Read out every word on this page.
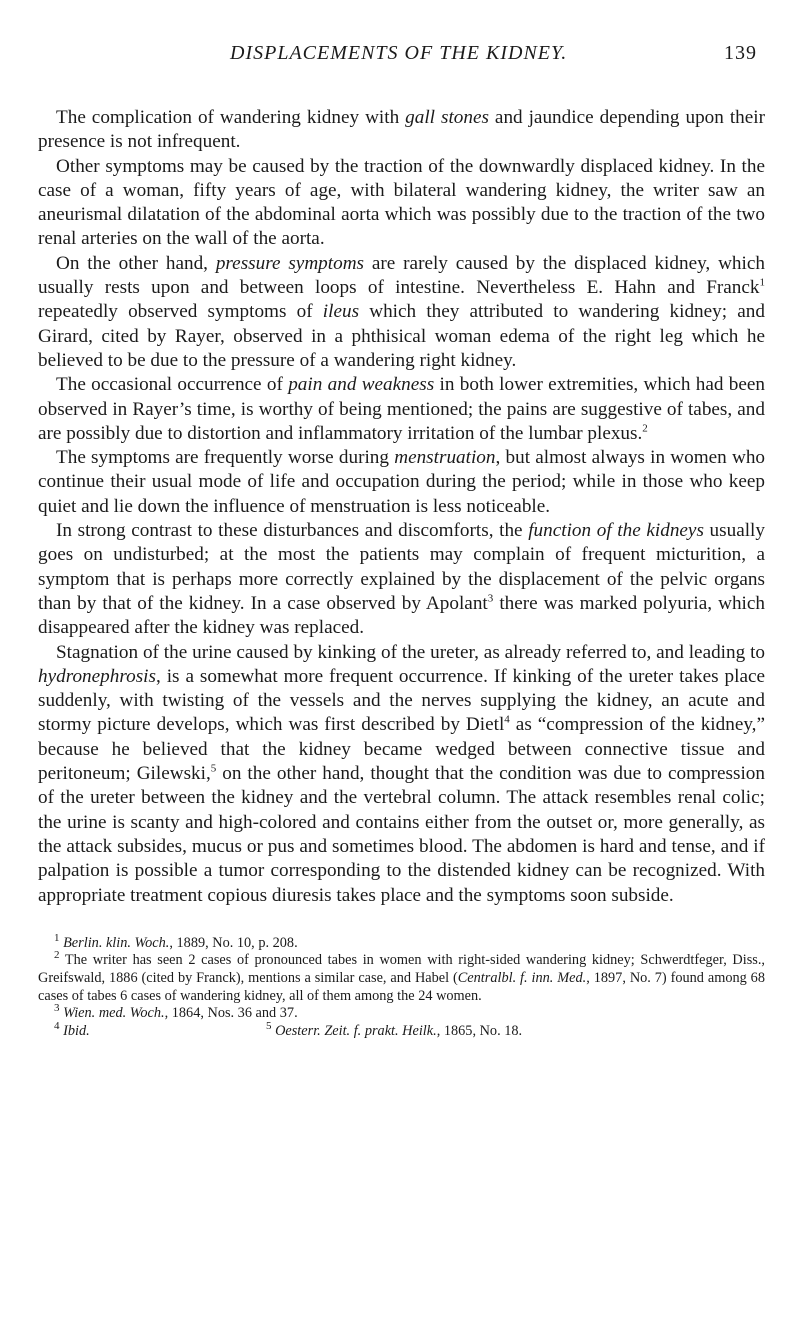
DISPLACEMENTS OF THE KIDNEY.	139

The complication of wandering kidney with gall stones and jaundice depending upon their presence is not infrequent.

Other symptoms may be caused by the traction of the downwardly displaced kidney. In the case of a woman, fifty years of age, with bilateral wandering kidney, the writer saw an aneurismal dilatation of the abdominal aorta which was possibly due to the traction of the two renal arteries on the wall of the aorta.

On the other hand, pressure symptoms are rarely caused by the displaced kidney, which usually rests upon and between loops of intestine. Nevertheless E. Hahn and Franck$^1$ repeatedly observed symptoms of ileus which they attributed to wandering kidney; and Girard, cited by Rayer, observed in a phthisical woman edema of the right leg which he believed to be due to the pressure of a wandering right kidney.

The occasional occurrence of pain and weakness in both lower extremities, which had been observed in Rayer’s time, is worthy of being mentioned; the pains are suggestive of tabes, and are possibly due to distortion and inflammatory irritation of the lumbar plexus.$^2$

The symptoms are frequently worse during menstruation, but almost always in women who continue their usual mode of life and occupation during the period; while in those who keep quiet and lie down the influence of menstruation is less noticeable.

In strong contrast to these disturbances and discomforts, the function of the kidneys usually goes on undisturbed; at the most the patients may complain of frequent micturition, a symptom that is perhaps more correctly explained by the displacement of the pelvic organs than by that of the kidney. In a case observed by Apolant$^3$ there was marked polyuria, which disappeared after the kidney was replaced.

Stagnation of the urine caused by kinking of the ureter, as already referred to, and leading to hydronephrosis, is a somewhat more frequent occurrence. If kinking of the ureter takes place suddenly, with twisting of the vessels and the nerves supplying the kidney, an acute and stormy picture develops, which was first described by Dietl$^4$ as “compression of the kidney,” because he believed that the kidney became wedged between connective tissue and peritoneum; Gilewski,$^5$ on the other hand, thought that the condition was due to compression of the ureter between the kidney and the vertebral column. The attack resembles renal colic; the urine is scanty and high-colored and contains either from the outset or, more generally, as the attack subsides, mucus or pus and sometimes blood. The abdomen is hard and tense, and if palpation is possible a tumor corresponding to the distended kidney can be recognized. With appropriate treatment copious diuresis takes place and the symptoms soon subside.

$^1$ Berlin. klin. Woch., 1889, No. 10, p. 208.

$^2$ The writer has seen 2 cases of pronounced tabes in women with right-sided wandering kidney; Schwerdtfeger, Diss., Greifswald, 1886 (cited by Franck), mentions a similar case, and Habel (Centralbl. f. inn. Med., 1897, No. 7) found among 68 cases of tabes 6 cases of wandering kidney, all of them among the 24 women.

$^3$ Wien. med. Woch., 1864, Nos. 36 and 37.

$^4$ Ibid.	$^5$ Oesterr. Zeit. f. prakt. Heilk., 1865, No. 18.
